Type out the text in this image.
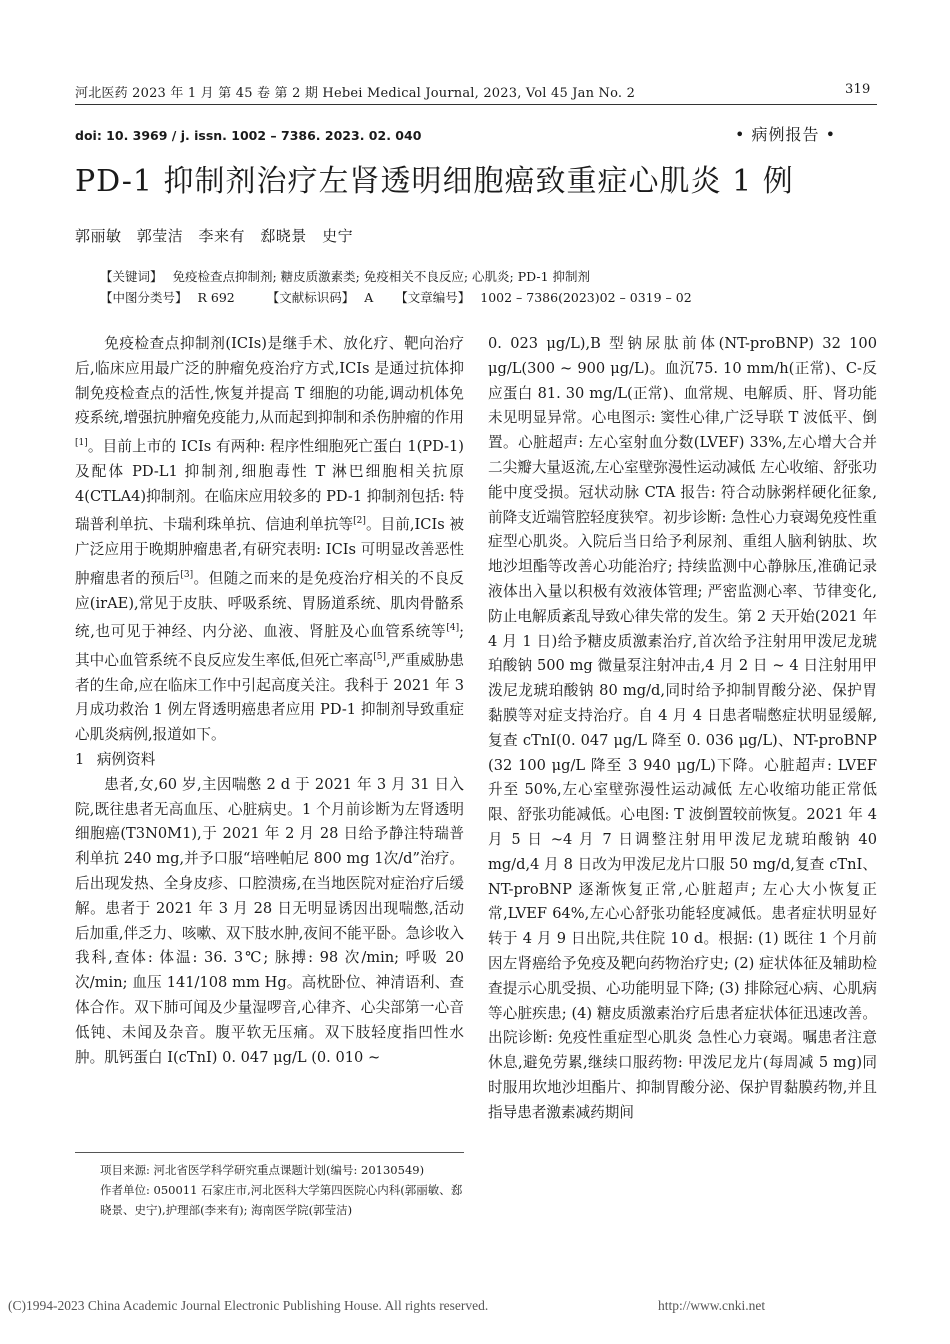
河北医药 2023 年 1 月 第 45 卷 第 2 期 Hebei Medical Journal, 2023, Vol 45 Jan No. 2	319
doi: 10. 3969 / j. issn. 1002 – 7386. 2023. 02. 040	• 病例报告 •
PD-1 抑制剂治疗左肾透明细胞癌致重症心肌炎 1 例
郭丽敏 郭莹洁 李来有 郄晓景 史宁
【关键词】 免疫检查点抑制剂; 糖皮质激素类; 免疫相关不良反应; 心肌炎; PD-1 抑制剂
【中图分类号】 R 692	【文献标识码】 A 【文章编号】 1002 – 7386(2023)02 – 0319 – 02

免疫检查点抑制剂(ICIs)是继手术、放化疗、靶向治疗后,临床应用最广泛的肿瘤免疫治疗方式,ICIs 是通过抗体抑制免疫检查点的活性,恢复并提高 T 细胞的功能,调动机体免疫系统,增强抗肿瘤免疫能力,从而起到抑制和杀伤肿瘤的作用[1]。目前上市的 ICIs 有两种: 程序性细胞死亡蛋白 1(PD-1)及配体 PD-L1 抑制剂,细胞毒性 T 淋巴细胞相关抗原 4(CTLA4)抑制剂。在临床应用较多的 PD-1 抑制剂包括: 特瑞普利单抗、卡瑞利珠单抗、信迪利单抗等[2]。目前,ICIs 被广泛应用于晚期肿瘤患者,有研究表明: ICIs 可明显改善恶性肿瘤患者的预后[3]。但随之而来的是免疫治疗相关的不良反应(irAE),常见于皮肤、呼吸系统、胃肠道系统、肌肉骨骼系统,也可见于神经、内分泌、血液、肾脏及心血管系统等[4]; 其中心血管系统不良反应发生率低,但死亡率高[5],严重威胁患者的生命,应在临床工作中引起高度关注。我科于 2021 年 3 月成功救治 1 例左肾透明癌患者应用 PD-1 抑制剂导致重症心肌炎病例,报道如下。

1 病例资料

患者,女,60 岁,主因喘憋 2 d 于 2021 年 3 月 31 日入院,既往患者无高血压、心脏病史。1 个月前诊断为左肾透明细胞癌(T3N0M1),于 2021 年 2 月 28 日给予静注特瑞普利单抗 240 mg,并予口服“培唑帕尼 800 mg 1次/d”治疗。后出现发热、全身皮疹、口腔溃疡,在当地医院对症治疗后缓解。患者于 2021 年 3 月 28 日无明显诱因出现喘憋,活动后加重,伴乏力、咳嗽、双下肢水肿,夜间不能平卧。急诊收入我科,查体: 体温: 36. 3℃; 脉搏: 98 次/min; 呼吸 20 次/min; 血压 141/108 mm Hg。高枕卧位、神清语利、查体合作。双下肺可闻及少量湿啰音,心律齐、心尖部第一心音低钝、未闻及杂音。腹平软无压痛。双下肢轻度指凹性水肿。肌钙蛋白 I(cTnI) 0. 047 μg/L (0. 010 ~

项目来源: 河北省医学科学研究重点课题计划(编号: 20130549)
作者单位: 050011 石家庄市,河北医科大学第四医院心内科(郭丽敏、郄晓景、史宁),护理部(李来有); 海南医学院(郭莹洁)

0. 023 μg/L),B 型钠尿肽前体(NT-proBNP) 32 100 μg/L(300 ~ 900 μg/L)。血沉75. 10 mm/h(正常)、C-反应蛋白 81. 30 mg/L(正常)、血常规、电解质、肝、肾功能未见明显异常。心电图示: 窦性心律,广泛导联 T 波低平、倒置。心脏超声: 左心室射血分数(LVEF) 33%,左心增大合并二尖瓣大量返流,左心室壁弥漫性运动减低 左心收缩、舒张功能中度受损。冠状动脉 CTA 报告: 符合动脉粥样硬化征象,前降支近端管腔轻度狭窄。初步诊断: 急性心力衰竭免疫性重症型心肌炎。入院后当日给予利尿剂、重组人脑利钠肽、坎地沙坦酯等改善心功能治疗; 持续监测中心静脉压,准确记录液体出入量以积极有效液体管理; 严密监测心率、节律变化,防止电解质紊乱导致心律失常的发生。第 2 天开始(2021 年 4 月 1 日)给予糖皮质激素治疗,首次给予注射用甲泼尼龙琥珀酸钠 500 mg 微量泵注射冲击,4 月 2 日 ~ 4 日注射用甲泼尼龙琥珀酸钠 80 mg/d,同时给予抑制胃酸分泌、保护胃黏膜等对症支持治疗。自 4 月 4 日患者喘憋症状明显缓解,复查 cTnI(0. 047 μg/L 降至 0. 036 μg/L)、NT-proBNP (32 100 μg/L 降至 3 940 μg/L)下降。心脏超声: LVEF 升至 50%,左心室壁弥漫性运动减低 左心收缩功能正常低限、舒张功能减低。心电图: T 波倒置较前恢复。2021 年 4 月 5 日 ~4 月 7 日调整注射用甲泼尼龙琥珀酸钠 40 mg/d,4 月 8 日改为甲泼尼龙片口服 50 mg/d,复查 cTnI、NT-proBNP 逐渐恢复正常,心脏超声; 左心大小恢复正常,LVEF 64%,左心心舒张功能轻度减低。患者症状明显好转于 4 月 9 日出院,共住院 10 d。根据: (1) 既往 1 个月前因左肾癌给予免疫及靶向药物治疗史; (2) 症状体征及辅助检查提示心肌受损、心功能明显下降; (3) 排除冠心病、心肌病等心脏疾患; (4) 糖皮质激素治疗后患者症状体征迅速改善。出院诊断: 免疫性重症型心肌炎 急性心力衰竭。嘱患者注意休息,避免劳累,继续口服药物: 甲泼尼龙片(每周减 5 mg)同时服用坎地沙坦酯片、抑制胃酸分泌、保护胃黏膜药物,并且指导患者激素减药期间

(C)1994-2023 China Academic Journal Electronic Publishing House. All rights reserved.	http://www.cnki.net
